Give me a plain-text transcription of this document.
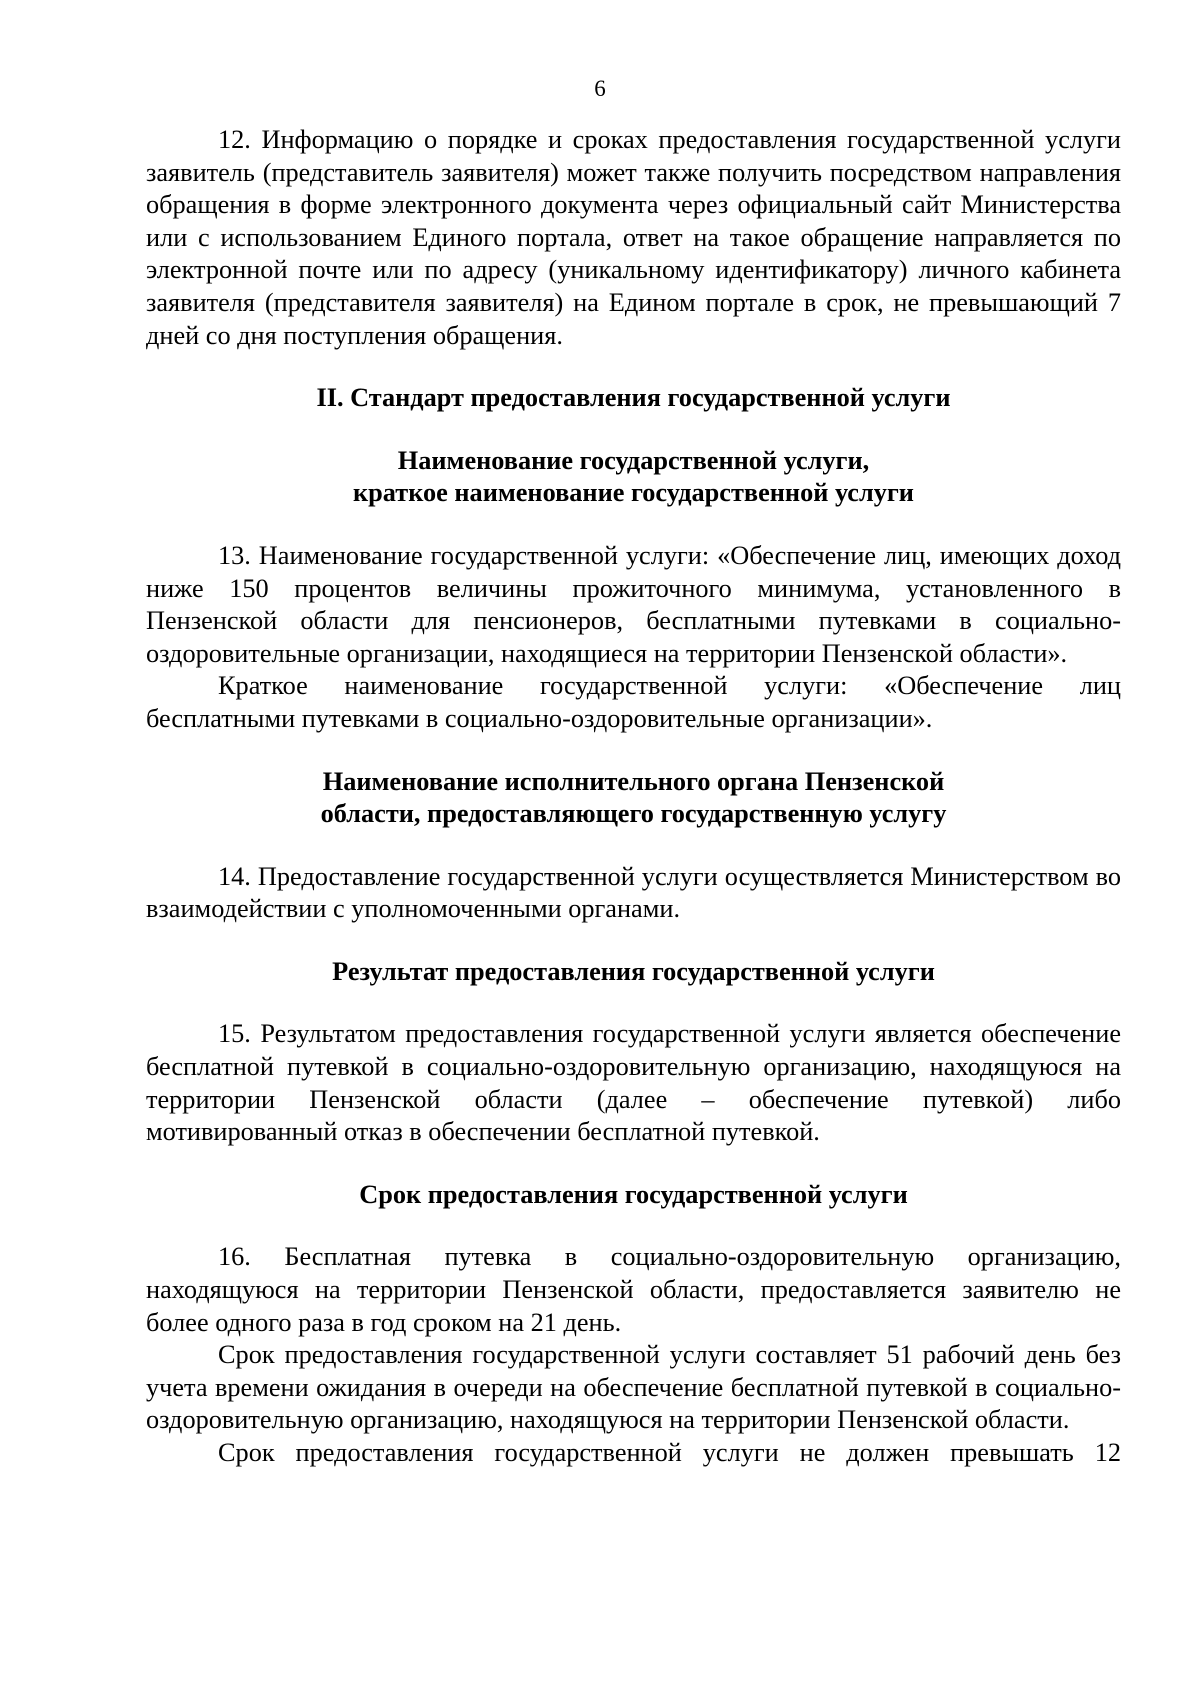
6

12. Информацию о порядке и сроках предоставления государственной услуги заявитель (представитель заявителя) может также получить посредством направления обращения в форме электронного документа через официальный сайт Министерства или с использованием Единого портала, ответ на такое обращение направляется по электронной почте или по адресу (уникальному идентификатору) личного кабинета заявителя (представителя заявителя) на Едином портале в срок, не превышающий 7 дней со дня поступления обращения.

II. Стандарт предоставления государственной услуги

Наименование государственной услуги,

краткое наименование государственной услуги

13. Наименование государственной услуги: «Обеспечение лиц, имеющих доход ниже 150 процентов величины прожиточного минимума, установленного в Пензенской области для пенсионеров, бесплатными путевками в социально-оздоровительные организации, находящиеся на территории Пензенской области».

Краткое наименование государственной услуги: «Обеспечение лиц бесплатными путевками в социально-оздоровительные организации».

Наименование исполнительного органа Пензенской

области, предоставляющего государственную услугу

14. Предоставление государственной услуги осуществляется Министерством во взаимодействии с уполномоченными органами.

Результат предоставления государственной услуги

15. Результатом предоставления государственной услуги является обеспечение бесплатной путевкой в социально-оздоровительную организацию, находящуюся на территории Пензенской области (далее – обеспечение путевкой) либо мотивированный отказ в обеспечении бесплатной путевкой.

Срок предоставления государственной услуги

16. Бесплатная путевка в социально-оздоровительную организацию, находящуюся на территории Пензенской области, предоставляется заявителю не более одного раза в год сроком на 21 день.

Срок предоставления государственной услуги составляет 51 рабочий день без учета времени ожидания в очереди на обеспечение бесплатной путевкой в социально-оздоровительную организацию, находящуюся на территории Пензенской области.

Срок предоставления государственной услуги не должен превышать 12
